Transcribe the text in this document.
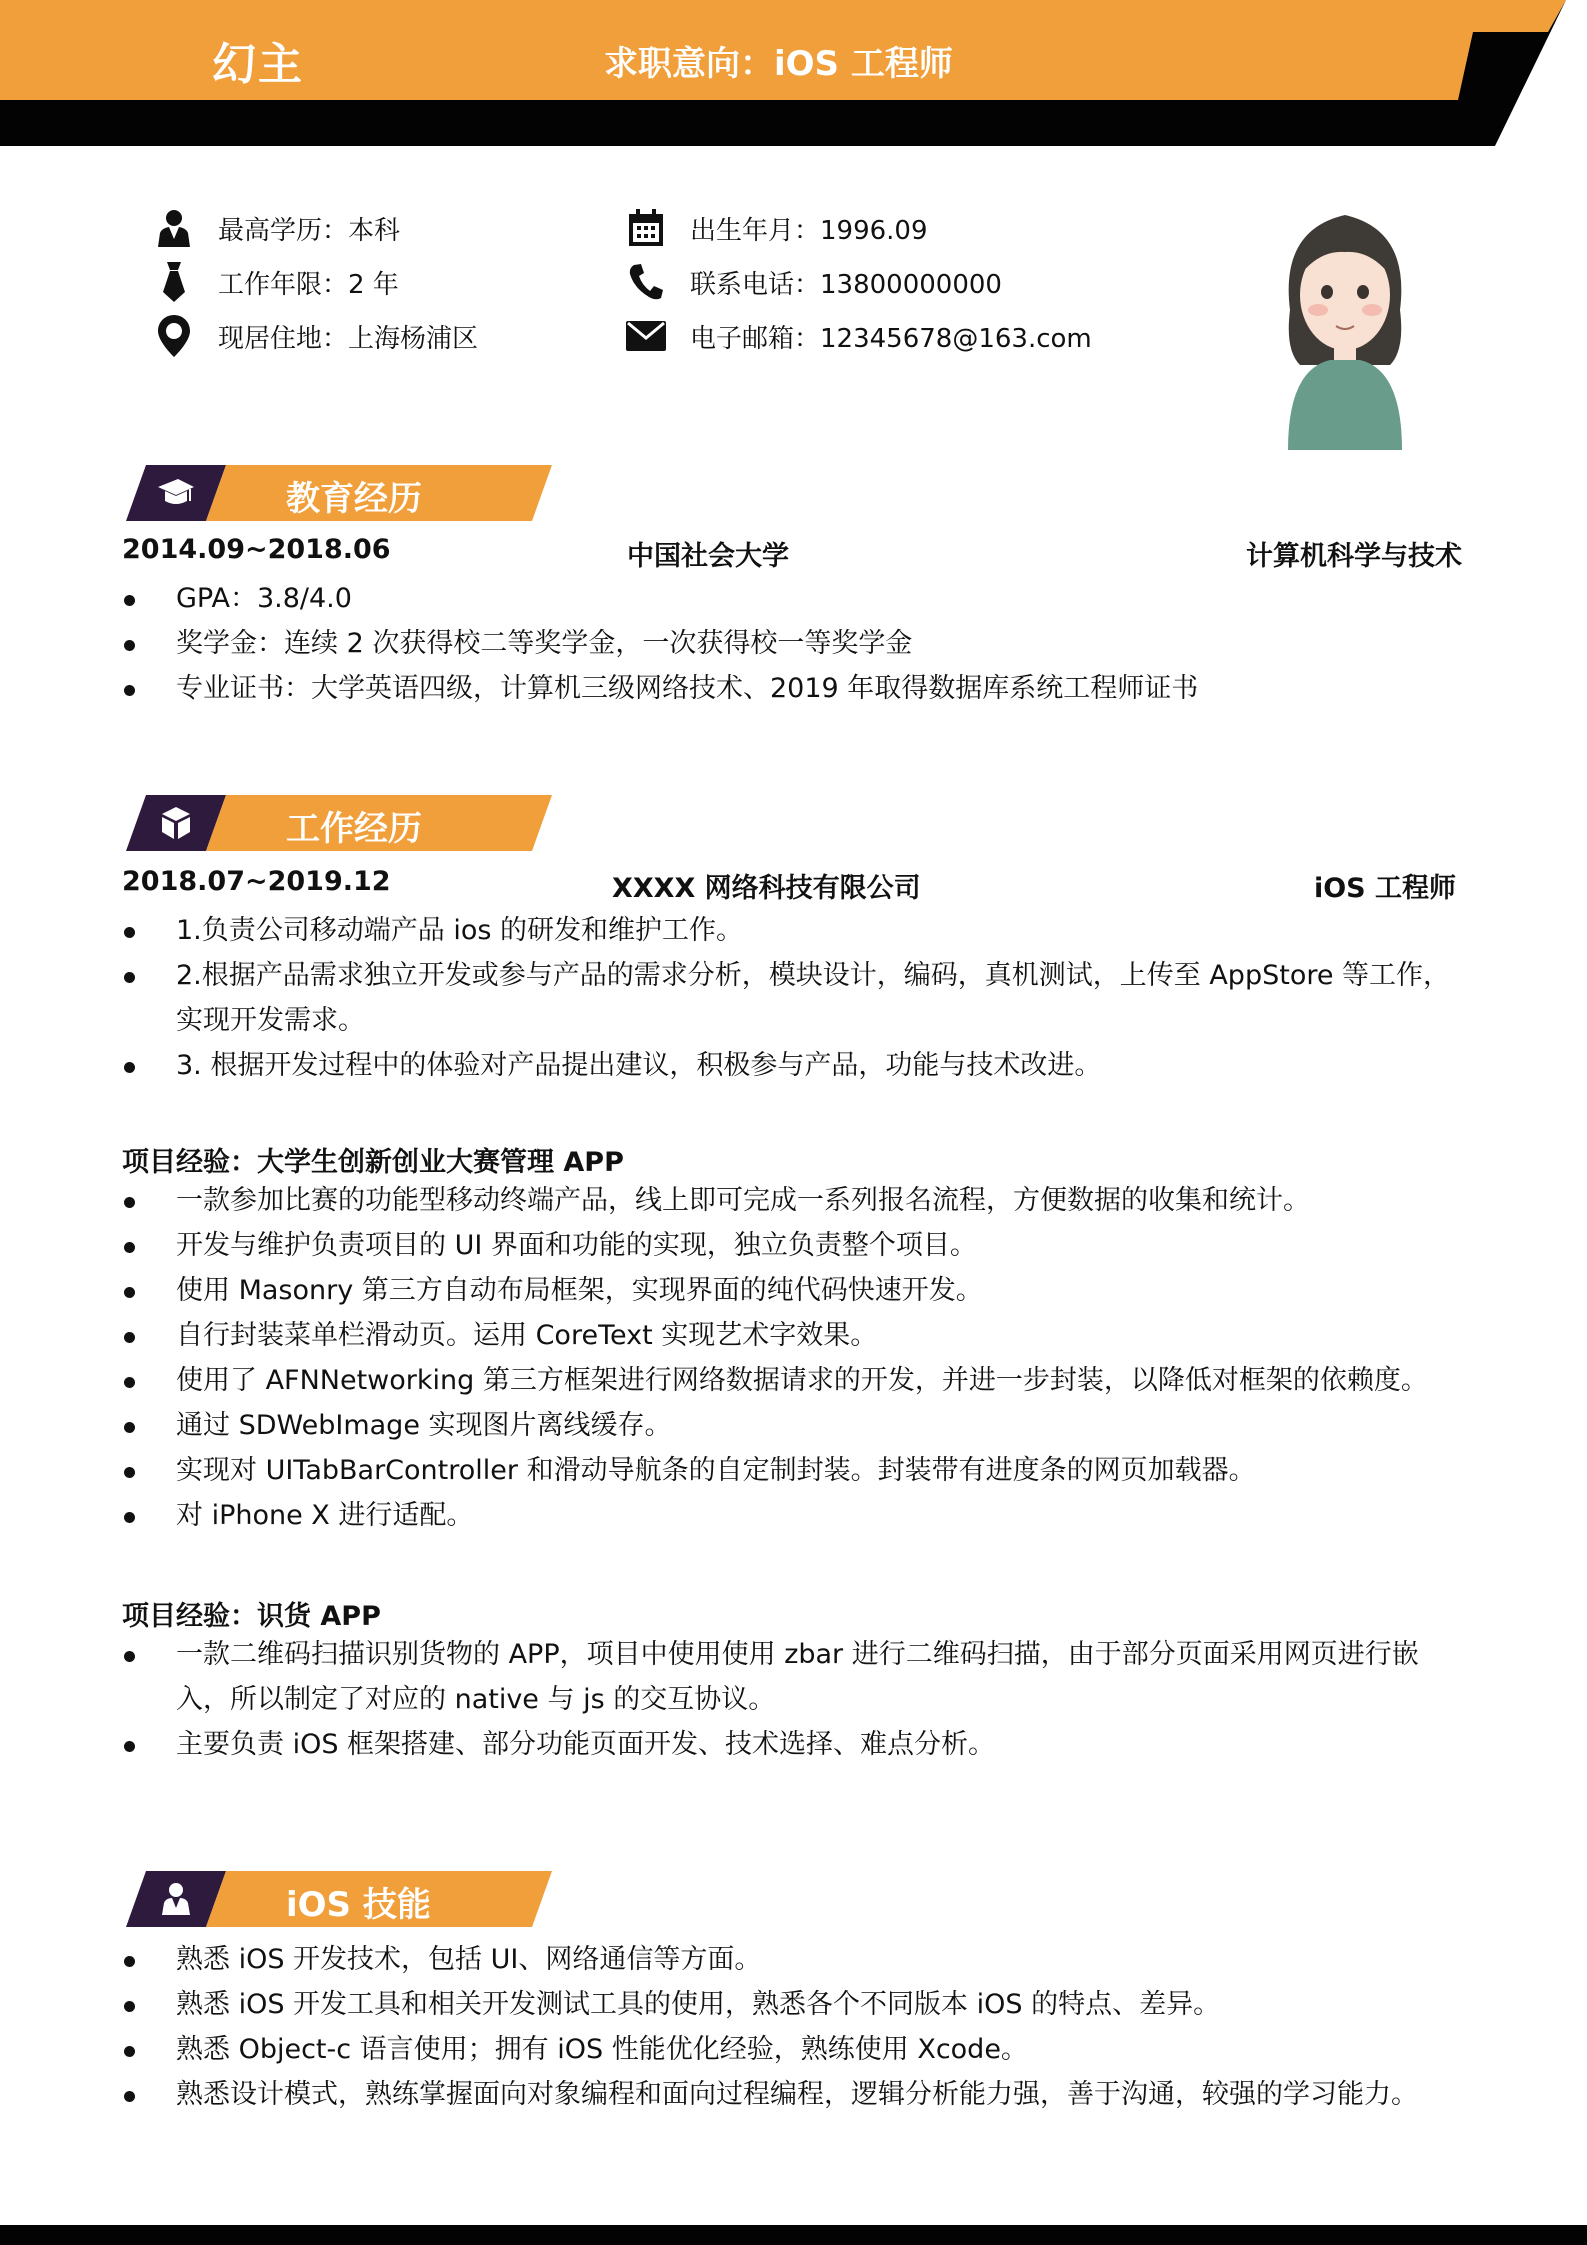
幻主	求职意向：iOS 工程师
最高学历：本科
工作年限：2 年
现居住地：上海杨浦区
出生年月：1996.09
联系电话：13800000000
电子邮箱：12345678@163.com
教育经历
2014.09~2018.06	中国社会大学	计算机科学与技术
GPA：3.8/4.0
奖学金：连续 2 次获得校二等奖学金，一次获得校一等奖学金
专业证书：大学英语四级，计算机三级网络技术、2019 年取得数据库系统工程师证书
工作经历
2018.07~2019.12	XXXX 网络科技有限公司	iOS 工程师
1.负责公司移动端产品 ios 的研发和维护工作。
2.根据产品需求独立开发或参与产品的需求分析，模块设计，编码，真机测试，上传至 AppStore 等工作，实现开发需求。
3. 根据开发过程中的体验对产品提出建议，积极参与产品，功能与技术改进。
项目经验：大学生创新创业大赛管理 APP
一款参加比赛的功能型移动终端产品，线上即可完成一系列报名流程，方便数据的收集和统计。
开发与维护负责项目的 UI 界面和功能的实现，独立负责整个项目。
使用 Masonry 第三方自动布局框架，实现界面的纯代码快速开发。
自行封装菜单栏滑动页。运用 CoreText 实现艺术字效果。
使用了 AFNNetworking 第三方框架进行网络数据请求的开发，并进一步封装，以降低对框架的依赖度。
通过 SDWebImage 实现图片离线缓存。
实现对 UITabBarController 和滑动导航条的自定制封装。封装带有进度条的网页加载器。
对 iPhone X 进行适配。
项目经验：识货 APP
一款二维码扫描识别货物的 APP，项目中使用使用 zbar 进行二维码扫描，由于部分页面采用网页进行嵌入，所以制定了对应的 native 与 js 的交互协议。
主要负责 iOS 框架搭建、部分功能页面开发、技术选择、难点分析。
iOS 技能
熟悉 iOS 开发技术，包括 UI、网络通信等方面。
熟悉 iOS 开发工具和相关开发测试工具的使用，熟悉各个不同版本 iOS 的特点、差异。
熟悉 Object-c 语言使用；拥有 iOS 性能优化经验，熟练使用 Xcode。
熟悉设计模式，熟练掌握面向对象编程和面向过程编程，逻辑分析能力强，善于沟通，较强的学习能力。
